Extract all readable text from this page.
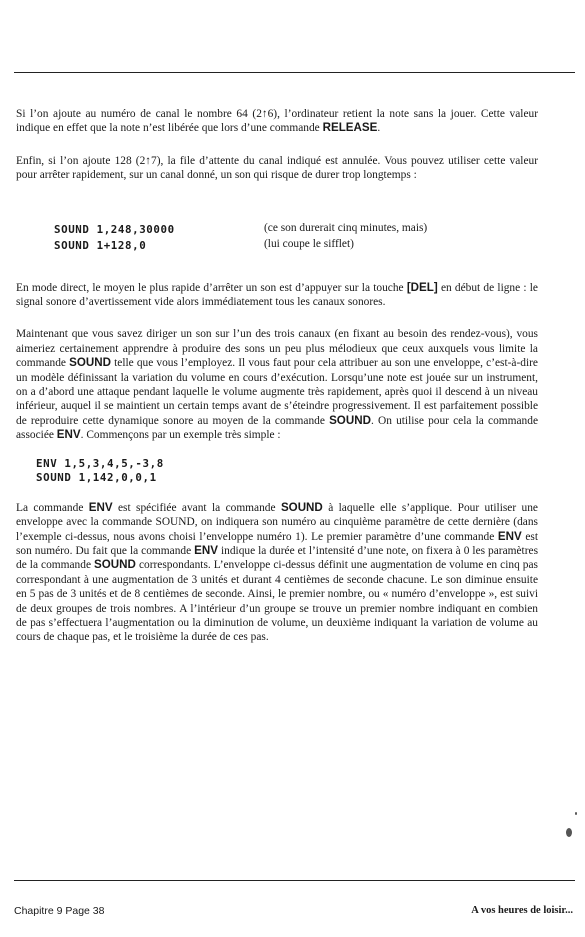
Si l’on ajoute au numéro de canal le nombre 64 (2↑6), l’ordinateur retient la note sans la jouer. Cette valeur indique en effet que la note n’est libérée que lors d’une commande RELEASE.

Enfin, si l’on ajoute 128 (2↑7), la file d’attente du canal indiqué est annulée. Vous pouvez utiliser cette valeur pour arrêter rapidement, sur un canal donné, un son qui risque de durer trop longtemps :

SOUND 1,248,30000	(ce son durerait cinq minutes, mais)
SOUND 1+128,0	(lui coupe le sifflet)

En mode direct, le moyen le plus rapide d’arrêter un son est d’appuyer sur la touche [DEL] en début de ligne : le signal sonore d’avertissement vide alors immédiatement tous les canaux sonores.

Maintenant que vous savez diriger un son sur l’un des trois canaux (en fixant au besoin des rendez-vous), vous aimeriez certainement apprendre à produire des sons un peu plus mélodieux que ceux auxquels vous limite la commande SOUND telle que vous l’employez. Il vous faut pour cela attribuer au son une enveloppe, c’est-à-dire un modèle définissant la variation du volume en cours d’exécution. Lorsqu’une note est jouée sur un instrument, on a d’abord une attaque pendant laquelle le volume augmente très rapidement, après quoi il descend à un niveau inférieur, auquel il se maintient un certain temps avant de s’éteindre progressivement. Il est parfaitement possible de reproduire cette dynamique sonore au moyen de la commande SOUND. On utilise pour cela la commande associée ENV. Commençons par un exemple très simple :

ENV 1,5,3,4,5,-3,8
SOUND 1,142,0,0,1

La commande ENV est spécifiée avant la commande SOUND à laquelle elle s’applique. Pour utiliser une enveloppe avec la commande SOUND, on indiquera son numéro au cinquième paramètre de cette dernière (dans l’exemple ci-dessus, nous avons choisi l’enveloppe numéro 1). Le premier paramètre d’une commande ENV est son numéro. Du fait que la commande ENV indique la durée et l’intensité d’une note, on fixera à 0 les paramètres de la commande SOUND correspondants. L’enveloppe ci-dessus définit une augmentation de volume en cinq pas correspondant à une augmentation de 3 unités et durant 4 centièmes de seconde chacune. Le son diminue ensuite en 5 pas de 3 unités et de 8 centièmes de seconde. Ainsi, le premier nombre, ou « numéro d’enveloppe », est suivi de deux groupes de trois nombres. A l’intérieur d’un groupe se trouve un premier nombre indiquant en combien de pas s’effectuera l’augmentation ou la diminution de volume, un deuxième indiquant la variation de volume au cours de chaque pas, et le troisième la durée de ces pas.

Chapitre 9 Page 38	A vos heures de loisir...
